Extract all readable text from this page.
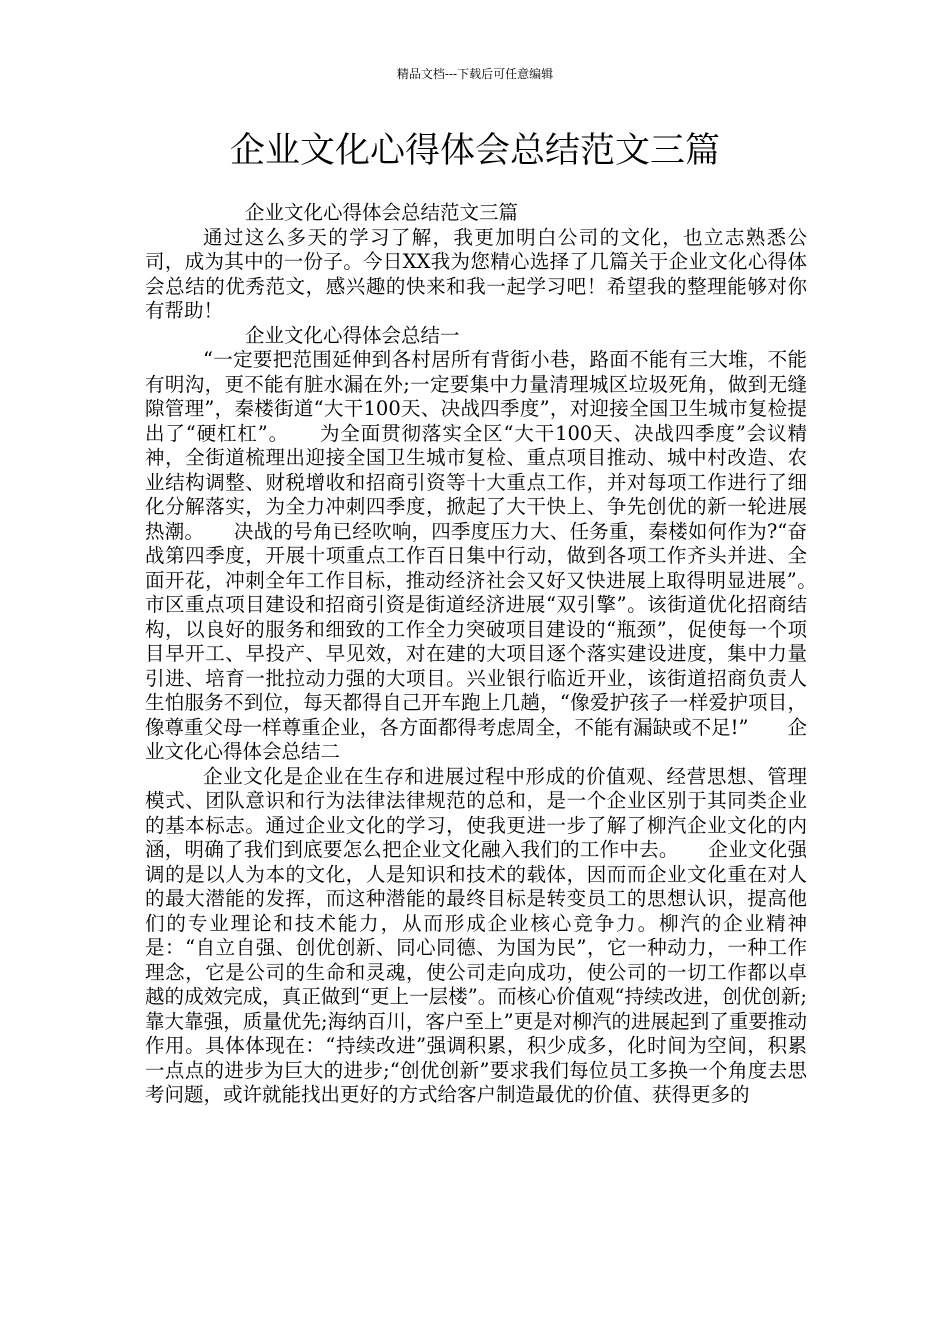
精品文档---下载后可任意编辑
企业文化心得体会总结范文三篇

企业文化心得体会总结范文三篇

通过这么多天的学习了解，我更加明白公司的文化，也立志熟悉公司，成为其中的一份子。今日XX我为您精心选择了几篇关于企业文化心得体会总结的优秀范文，感兴趣的快来和我一起学习吧！希望我的整理能够对你有帮助！

企业文化心得体会总结一

“一定要把范围延伸到各村居所有背街小巷，路面不能有三大堆，不能有明沟，更不能有脏水漏在外;一定要集中力量清理城区垃圾死角，做到无缝隙管理”，秦楼街道“大干100天、决战四季度”，对迎接全国卫生城市复检提出了“硬杠杠”。　　为全面贯彻落实全区“大干100天、决战四季度”会议精神，全街道梳理出迎接全国卫生城市复检、重点项目推动、城中村改造、农业结构调整、财税增收和招商引资等十大重点工作，并对每项工作进行了细化分解落实，为全力冲刺四季度，掀起了大干快上、争先创优的新一轮进展热潮。　　决战的号角已经吹响，四季度压力大、任务重，秦楼如何作为?“奋战第四季度，开展十项重点工作百日集中行动，做到各项工作齐头并进、全面开花，冲刺全年工作目标，推动经济社会又好又快进展上取得明显进展”。　　市区重点项目建设和招商引资是街道经济进展“双引擎”。该街道优化招商结构，以良好的服务和细致的工作全力突破项目建设的“瓶颈”，促使每一个项目早开工、早投产、早见效，对在建的大项目逐个落实建设进度，集中力量引进、培育一批拉动力强的大项目。兴业银行临近开业，该街道招商负责人生怕服务不到位，每天都得自己开车跑上几趟，“像爱护孩子一样爱护项目，像尊重父母一样尊重企业，各方面都得考虑周全，不能有漏缺或不足!”　　企业文化心得体会总结二

企业文化是企业在生存和进展过程中形成的价值观、经营思想、管理模式、团队意识和行为法律法律规范的总和，是一个企业区别于其同类企业的基本标志。通过企业文化的学习，使我更进一步了解了柳汽企业文化的内涵，明确了我们到底要怎么把企业文化融入我们的工作中去。　　企业文化强调的是以人为本的文化，人是知识和技术的载体，因而而企业文化重在对人的最大潜能的发挥，而这种潜能的最终目标是转变员工的思想认识，提高他们的专业理论和技术能力，从而形成企业核心竞争力。柳汽的企业精神是：“自立自强、创优创新、同心同德、为国为民”，它一种动力，一种工作理念，它是公司的生命和灵魂，使公司走向成功，使公司的一切工作都以卓越的成效完成，真正做到“更上一层楼”。而核心价值观“持续改进，创优创新;靠大靠强，质量优先;海纳百川，客户至上”更是对柳汽的进展起到了重要推动作用。具体体现在：“持续改进”强调积累，积少成多，化时间为空间，积累一点点的进步为巨大的进步;“创优创新”要求我们每位员工多换一个角度去思考问题，或许就能找出更好的方式给客户制造最优的价值、获得更多的
